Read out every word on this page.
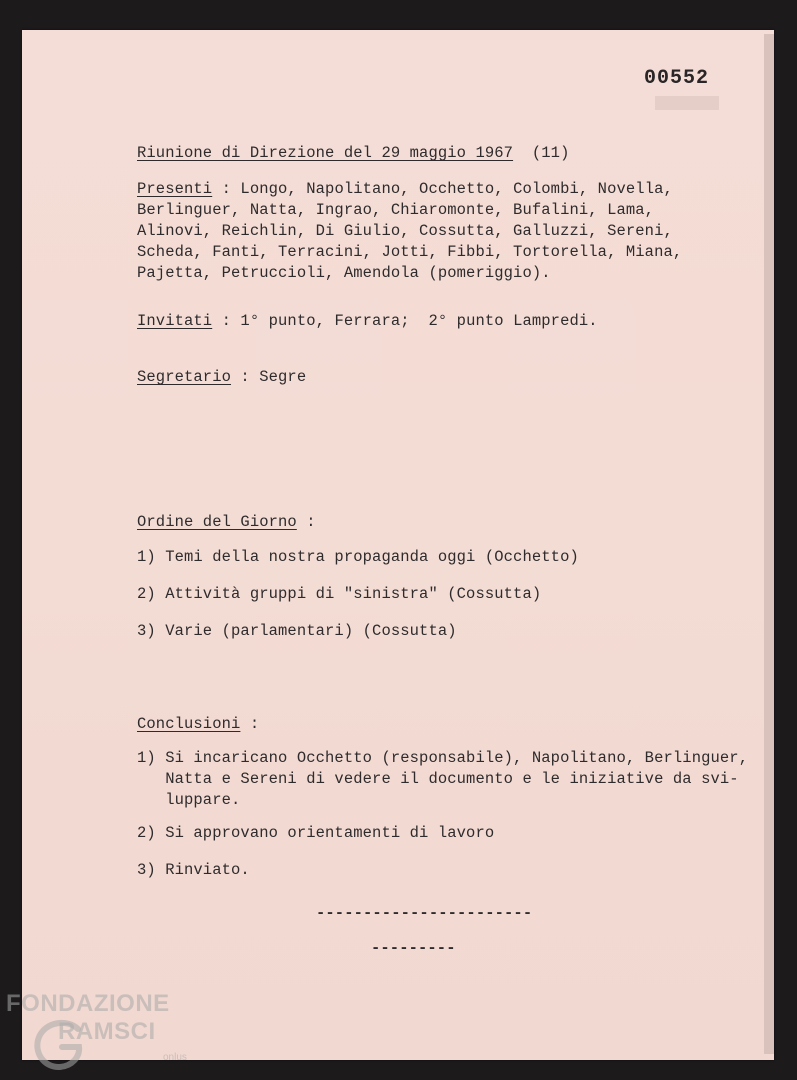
00552
Riunione di Direzione del 29 maggio 1967 (11)
Presenti : Longo, Napolitano, Occhetto, Colombi, Novella,
Berlinguer, Natta, Ingrao, Chiaromonte, Bufalini, Lama,
Alinovi, Reichlin, Di Giulio, Cossutta, Galluzzi, Sereni,
Scheda, Fanti, Terracini, Jotti, Fibbi, Tortorella, Miana,
Pajetta, Petruccioli, Amendola (pomeriggio).
Invitati : 1° punto, Ferrara;  2° punto Lampredi.
Segretario : Segre
Ordine del Giorno :
1) Temi della nostra propaganda oggi (Occhetto)
2) Attività gruppi di "sinistra" (Cossutta)
3) Varie (parlamentari) (Cossutta)
Conclusioni :
1) Si incaricano Occhetto (responsabile), Napolitano, Berlinguer,
Natta e Sereni di vedere il documento e le iniziative da svi-
luppare.
2) Si approvano orientamenti di lavoro
3) Rinviato.
-----------------------
---------
FONDAZIONE
RAMSCI
onlus
